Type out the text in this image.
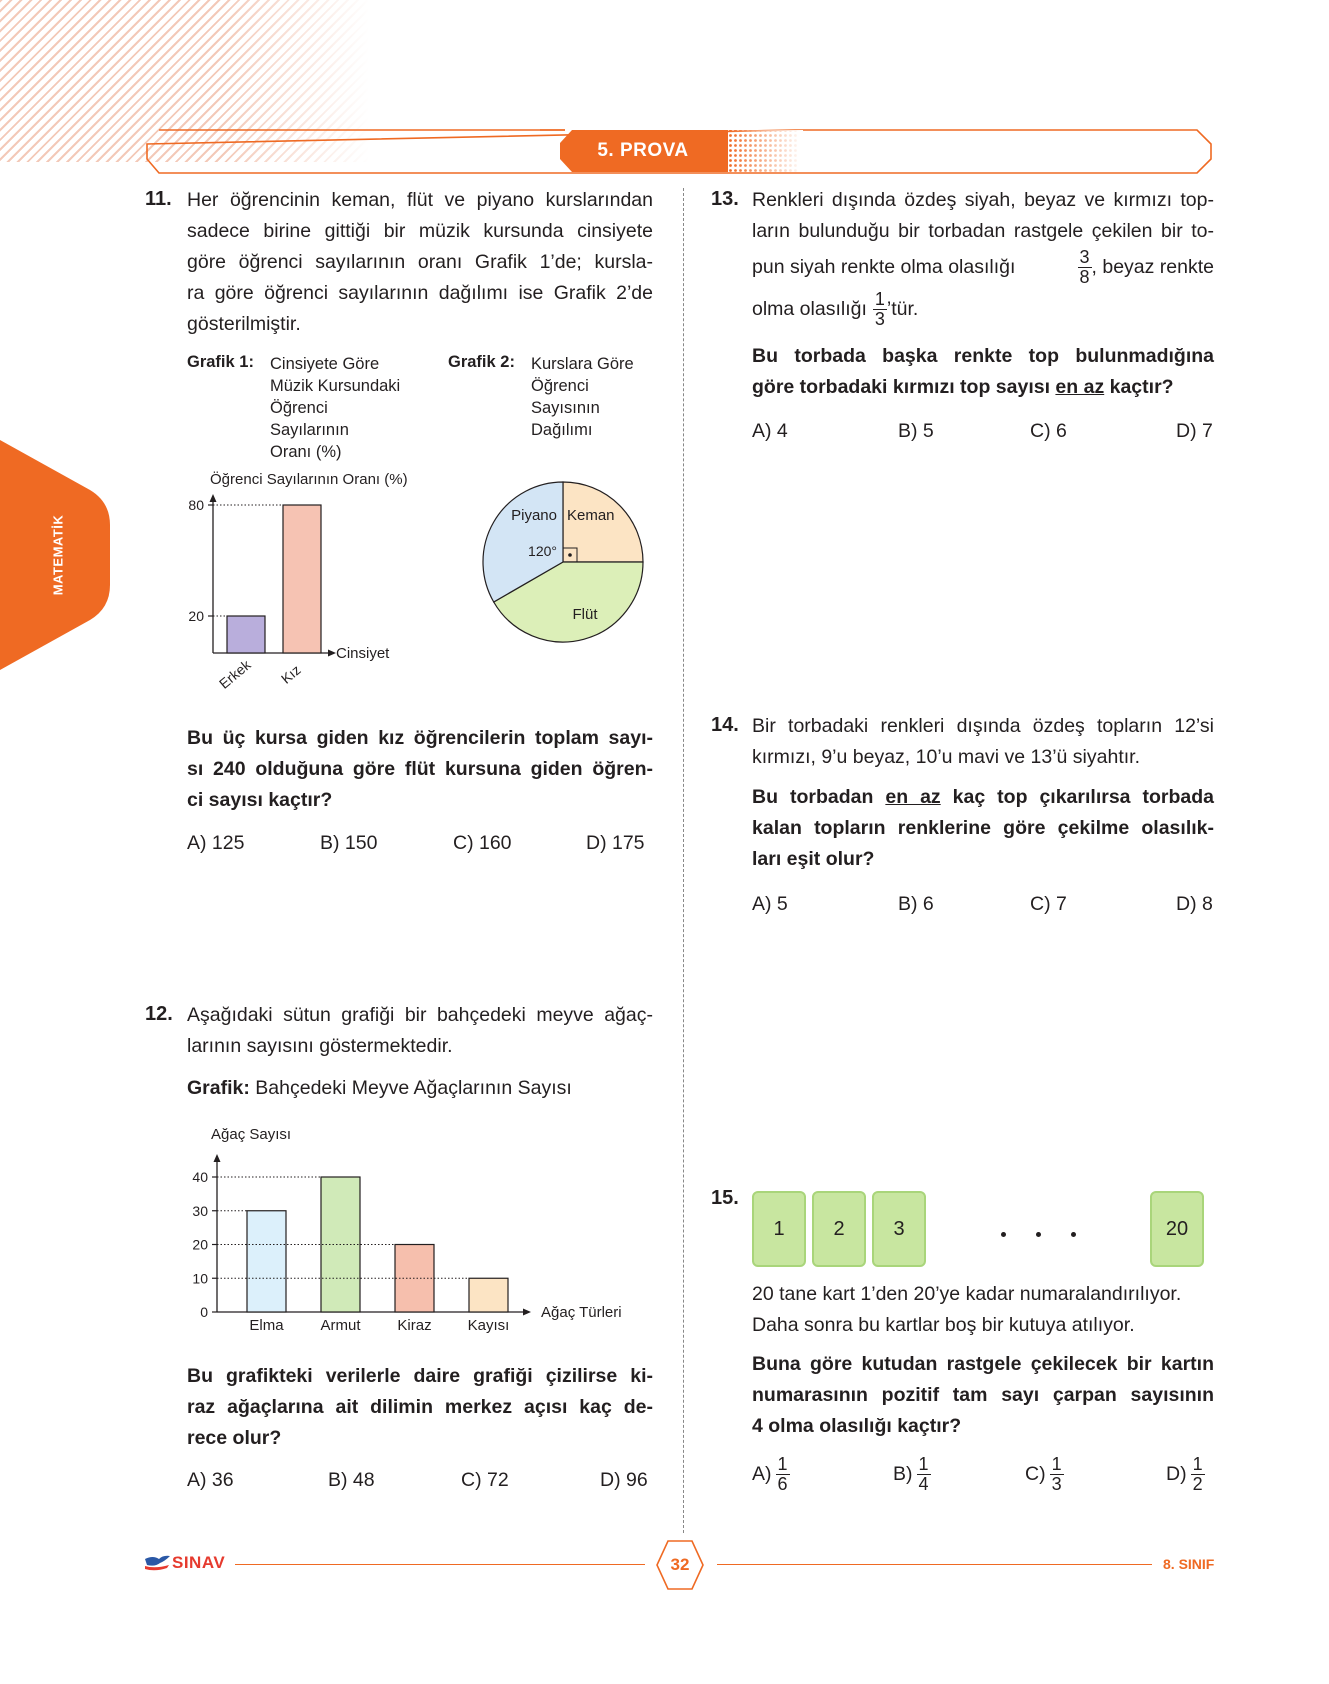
MATEMATİK
5. PROVA
11. Her öğrencinin keman, flüt ve piyano kurslarından
sadece birine gittiği bir müzik kursunda cinsiyete
göre öğrenci sayılarının oranı Grafik 1’de; kursla-
ra göre öğrenci sayılarının dağılımı ise Grafik 2’de
gösterilmiştir.
Grafik 1: Cinsiyete Göre
Müzik Kursundaki
Öğrenci
Sayılarının
Oranı (%)
Grafik 2: Kurslara Göre
Öğrenci
Sayısının
Dağılımı
Öğrenci Sayılarının Oranı (%)
Cinsiyet
20
Erkek
80
Kız
Keman
Piyano
Flüt
120°
Bu üç kursa giden kız öğrencilerin toplam sayı-
sı 240 olduğuna göre flüt kursuna giden öğren-
ci sayısı kaçtır?
A) 125	B) 150	C) 160	D) 175
12. Aşağıdaki sütun grafiği bir bahçedeki meyve ağaç-
larının sayısını göstermektedir.
Grafik: Bahçedeki Meyve Ağaçlarının Sayısı
Ağaç Sayısı
Ağaç Türleri
0
10
20
30
40
Elma Armut Kiraz Kayısı
Bu grafikteki verilerle daire grafiği çizilirse ki-
raz ağaçlarına ait dilimin merkez açısı kaç de-
rece olur?
A) 36	B) 48	C) 72	D) 96
13. Renkleri dışında özdeş siyah, beyaz ve kırmızı top-
ların bulunduğu bir torbadan rastgele çekilen bir to-
pun siyah renkte olma olasılığı	$\frac{3}{8}$ , beyaz renkte
olma olasılığı $\frac{1}{3}$ ’tür.
Bu torbada başka renkte top bulunmadığına
göre torbadaki kırmızı top sayısı en az kaçtır?
A) 4	B) 5	C) 6	D) 7
14. Bir torbadaki renkleri dışında özdeş topların 12’si
kırmızı, 9’u beyaz, 10’u mavi ve 13’ü siyahtır.
Bu torbadan en az kaç top çıkarılırsa torbada
kalan topların renklerine göre çekilme olasılık-
ları eşit olur?
A) 5	B) 6	C) 7	D) 8
15.
1	2	3	20
20 tane kart 1’den 20’ye kadar numaralandırılıyor.
Daha sonra bu kartlar boş bir kutuya atılıyor.
Buna göre kutudan rastgele çekilecek bir kartın
numarasının pozitif tam sayı çarpan sayısının
4 olma olasılığı kaçtır?
$A) \frac{1}{6}$	$B) \frac{1}{4}$	$C) \frac{1}{3}$	$D) \frac{1}{2}$
SINAV	32	8. SINIF
